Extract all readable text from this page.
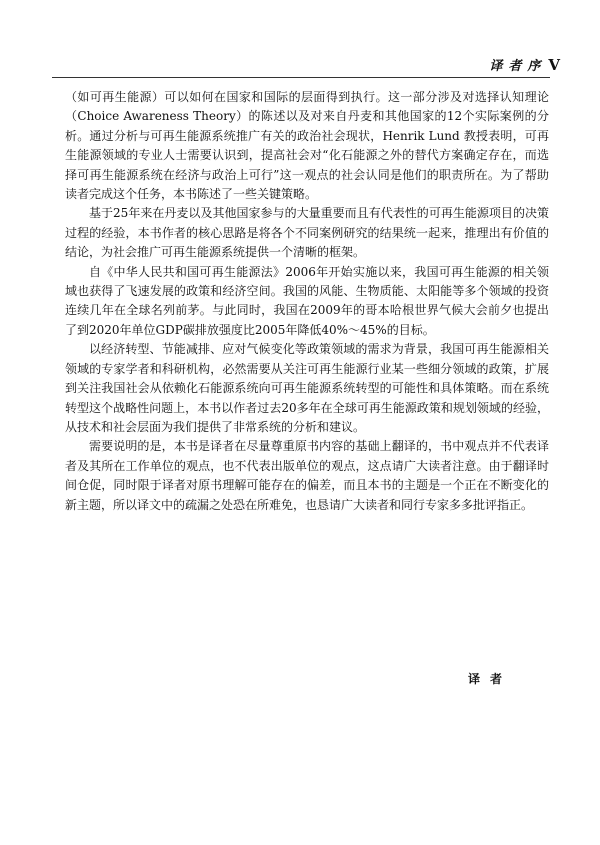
译者序 V

（如可再生能源）可以如何在国家和国际的层面得到执行。这一部分涉及对选择认知理论（Choice Awareness Theory）的陈述以及对来自丹麦和其他国家的12个实际案例的分析。通过分析与可再生能源系统推广有关的政治社会现状，Henrik Lund 教授表明，可再生能源领域的专业人士需要认识到，提高社会对“化石能源之外的替代方案确定存在，而选择可再生能源系统在经济与政治上可行”这一观点的社会认同是他们的职责所在。为了帮助读者完成这个任务，本书陈述了一些关键策略。

基于25年来在丹麦以及其他国家参与的大量重要而且有代表性的可再生能源项目的决策过程的经验，本书作者的核心思路是将各个不同案例研究的结果统一起来，推理出有价值的结论，为社会推广可再生能源系统提供一个清晰的框架。

自《中华人民共和国可再生能源法》2006年开始实施以来，我国可再生能源的相关领域也获得了飞速发展的政策和经济空间。我国的风能、生物质能、太阳能等多个领域的投资连续几年在全球名列前茅。与此同时，我国在2009年的哥本哈根世界气候大会前夕也提出了到2020年单位GDP碳排放强度比2005年降低40%～45%的目标。

以经济转型、节能减排、应对气候变化等政策领域的需求为背景，我国可再生能源相关领域的专家学者和科研机构，必然需要从关注可再生能源行业某一些细分领域的政策，扩展到关注我国社会从依赖化石能源系统向可再生能源系统转型的可能性和具体策略。而在系统转型这个战略性问题上，本书以作者过去20多年在全球可再生能源政策和规划领域的经验，从技术和社会层面为我们提供了非常系统的分析和建议。

需要说明的是，本书是译者在尽量尊重原书内容的基础上翻译的，书中观点并不代表译者及其所在工作单位的观点，也不代表出版单位的观点，这点请广大读者注意。由于翻译时间仓促，同时限于译者对原书理解可能存在的偏差，而且本书的主题是一个正在不断变化的新主题，所以译文中的疏漏之处恐在所难免，也恳请广大读者和同行专家多多批评指正。

译者
